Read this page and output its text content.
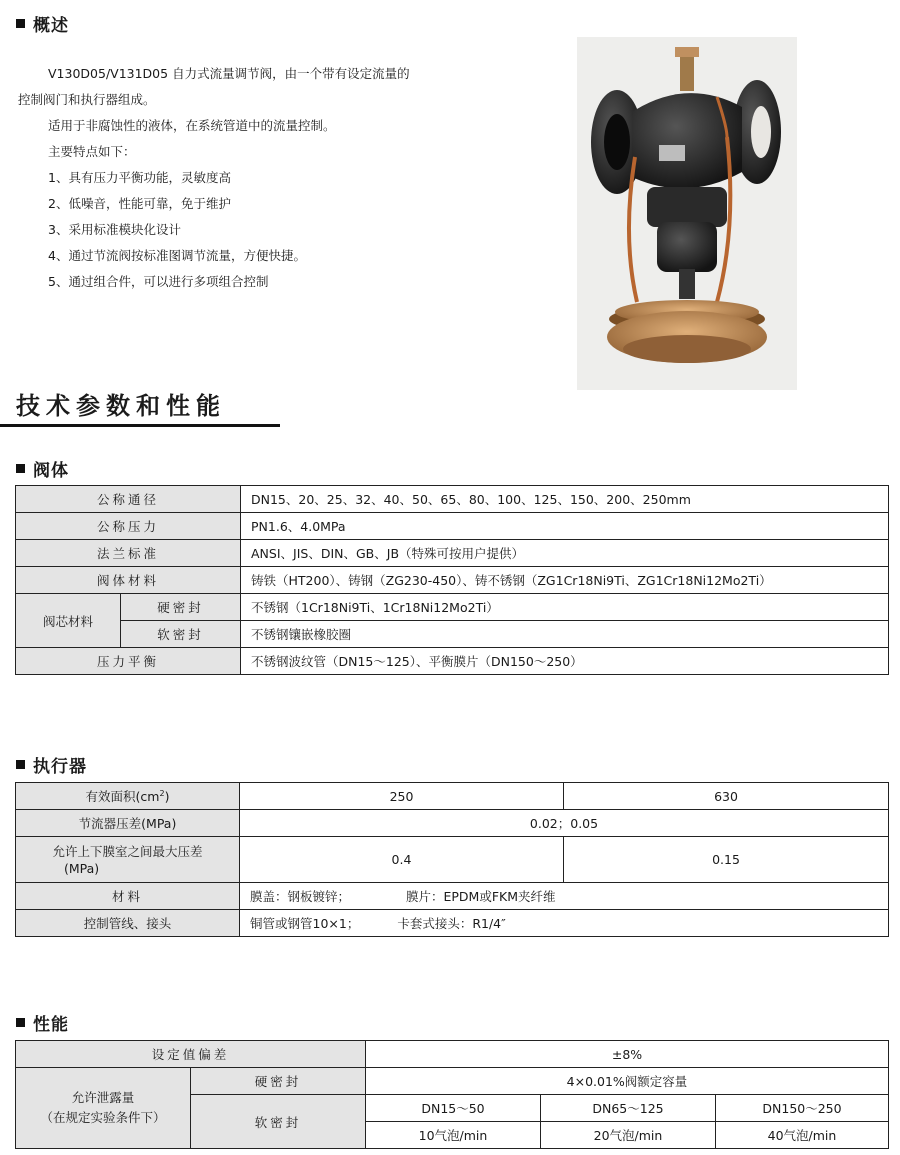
概述
V130D05/V131D05 自力式流量调节阀，由一个带有设定流量的
控制阀门和执行器组成。
适用于非腐蚀性的液体，在系统管道中的流量控制。
主要特点如下：
1、具有压力平衡功能，灵敏度高
2、低噪音，性能可靠，免于维护
3、采用标准模块化设计
4、通过节流阀按标准图调节流量，方便快捷。
5、通过组合件，可以进行多项组合控制
技术参数和性能
阀体
公称通径		DN15、20、25、32、40、50、65、80、100、125、150、200、250mm
公称压力		PN1.6、4.0MPa
法兰标准		ANSI、JIS、DIN、GB、JB（特殊可按用户提供）
阀体材料		铸铁（HT200）、铸钢（ZG230-450）、铸不锈钢（ZG1Cr18Ni9Ti、ZG1Cr18Ni12Mo2Ti）
阀芯材料	硬密封	不锈钢（1Cr18Ni9Ti、1Cr18Ni12Mo2Ti）
	软密封	不锈钢镶嵌橡胶圈
压力平衡		不锈钢波纹管（DN15～125）、平衡膜片（DN150～250）
执行器
有效面积$(cm^2)$	250	630
节流器压差(MPa)	0.02；0.05	

允许上下膜室之间最大压差
(MPa)	0.4	0.15
材料	膜盖：钢板镀锌； 膜片：EPDM或FKM夹纤维	
控制管线、接头	铜管或钢管10×1； 卡套式接头：R1/4″	
性能
设定值偏差		±8%		

允许泄露量
（在规定实验条件下）	硬密封	4×0.01%阀额定容量		
	软密封	DN15～50	DN65～125	DN150～250
		10气泡/min	20气泡/min	40气泡/min
